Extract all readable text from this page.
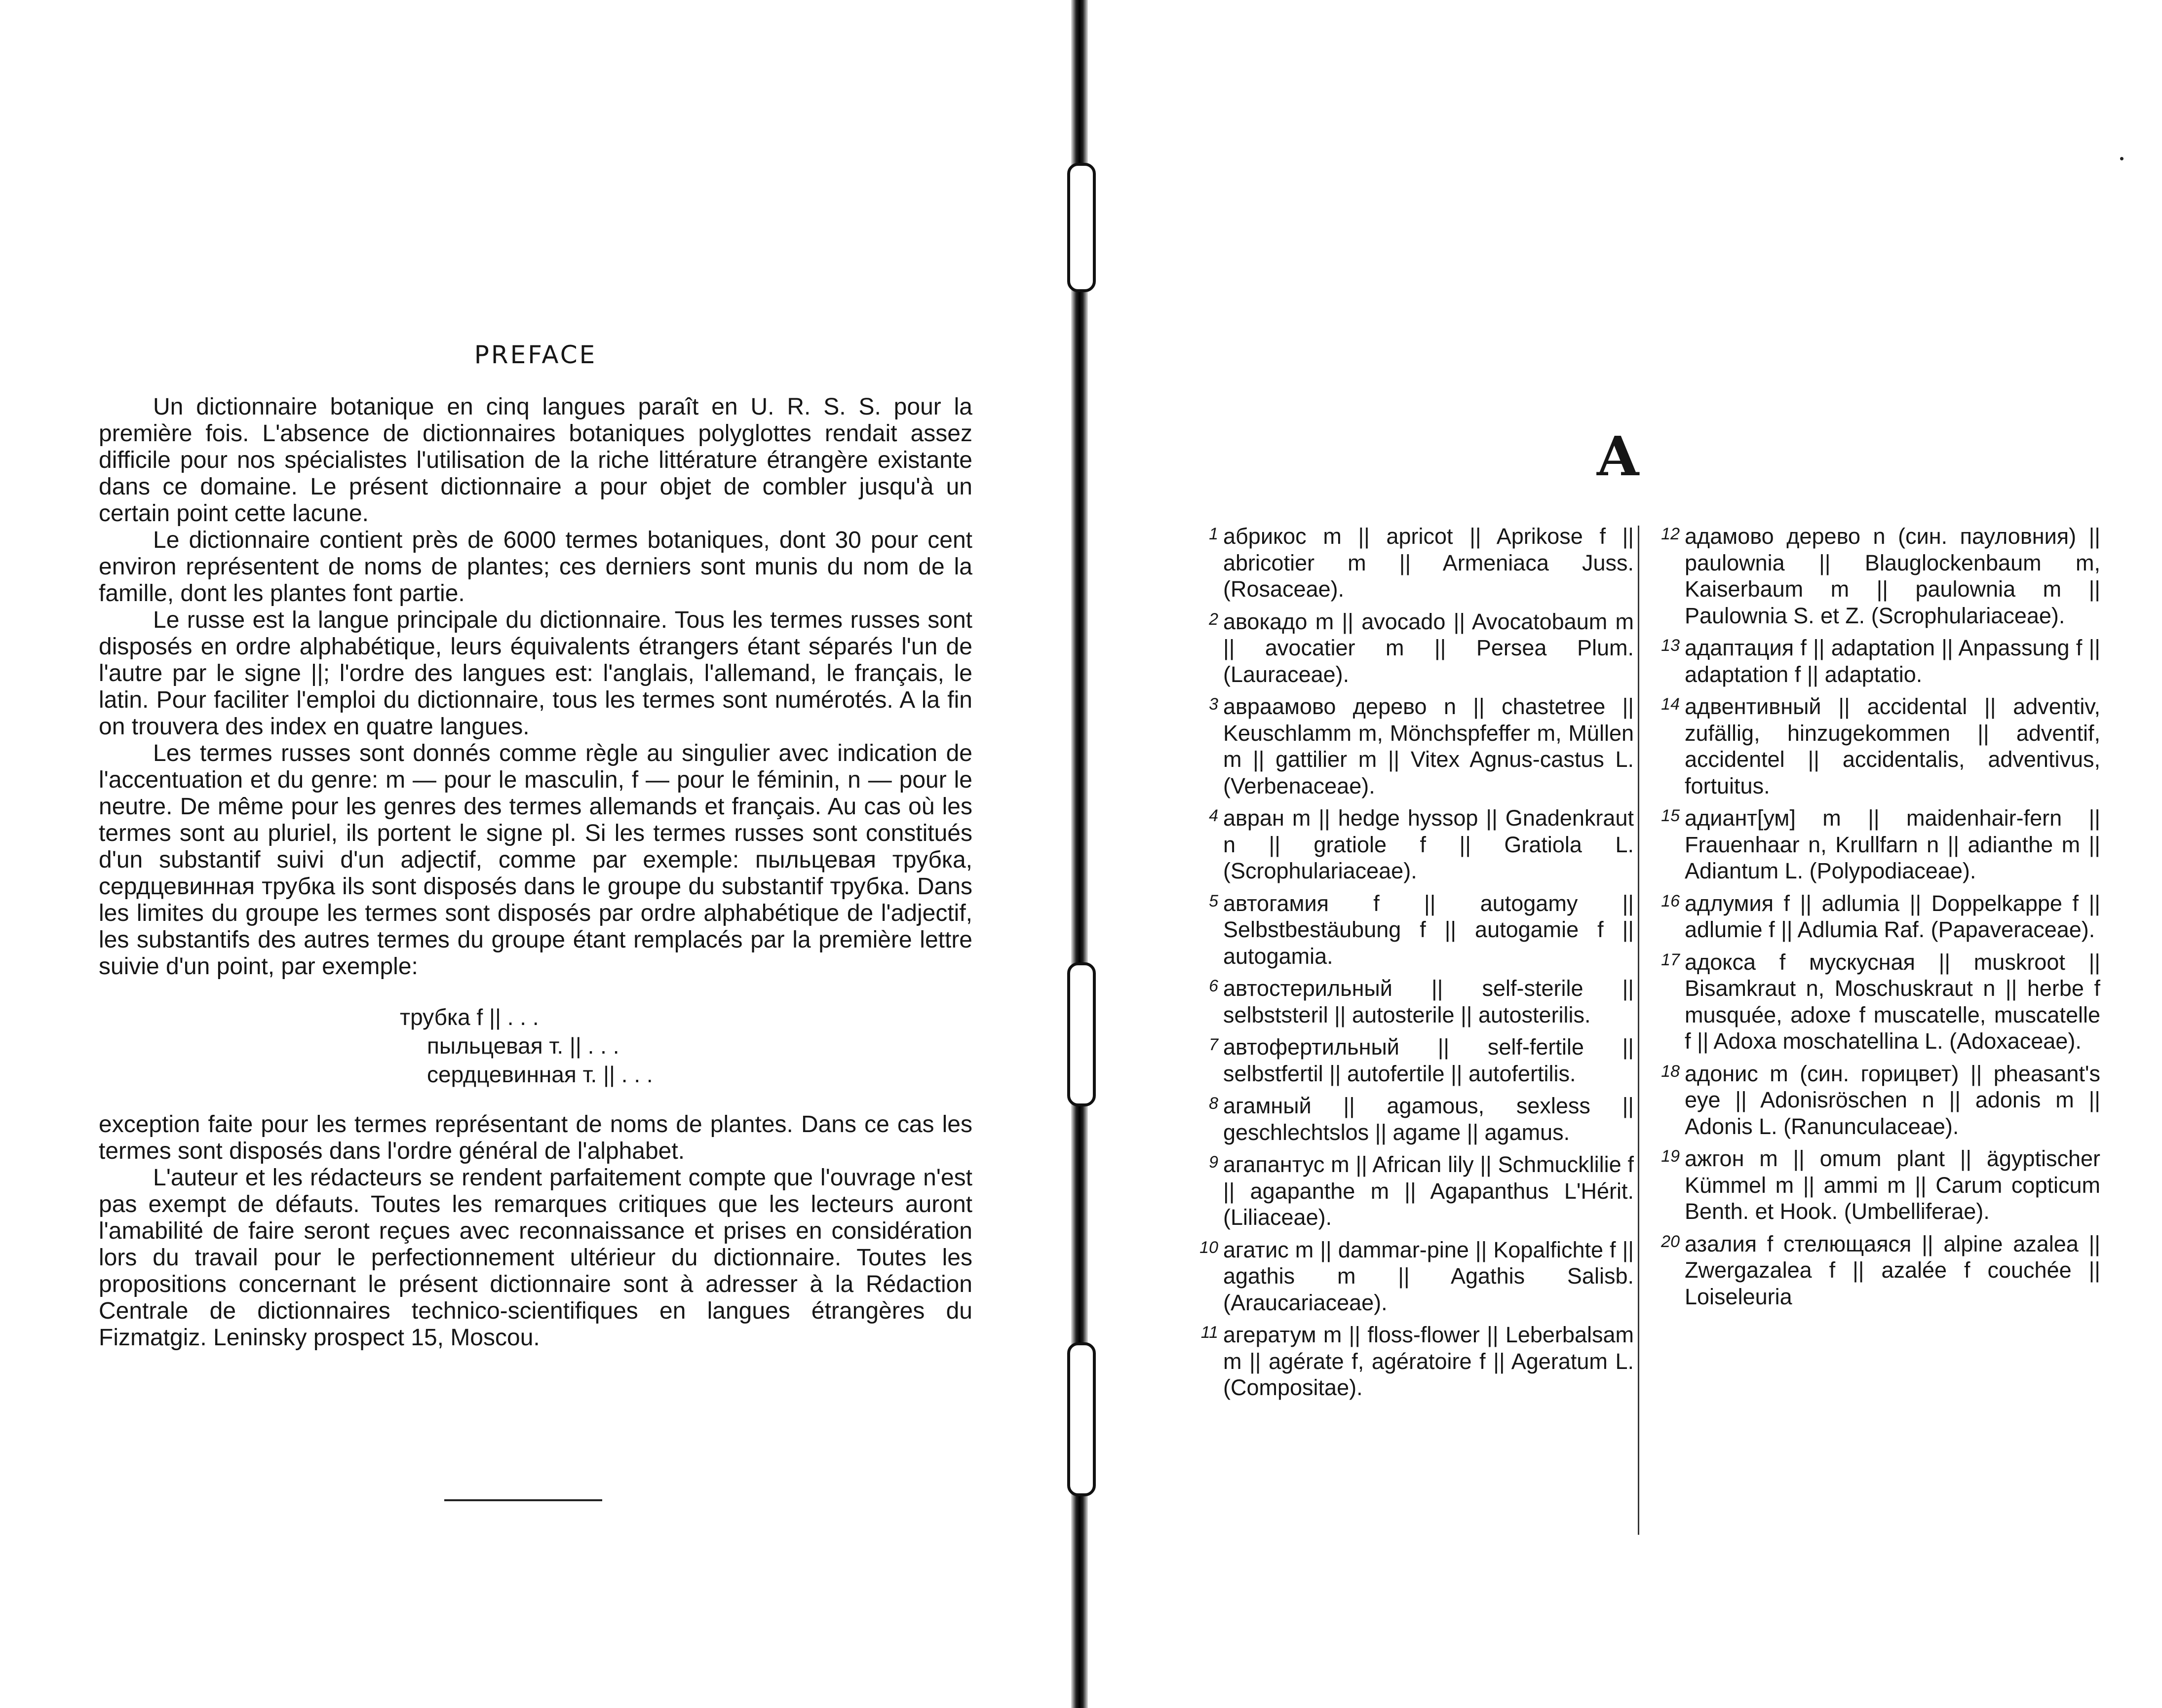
PREFACE

Un dictionnaire botanique en cinq langues paraît en U. R. S. S. pour la première fois. L'absence de dictionnaires botaniques polyglottes rendait assez difficile pour nos spécialistes l'utilisation de la riche littérature étrangère existante dans ce domaine. Le présent dictionnaire a pour objet de combler jusqu'à un certain point cette lacune.

Le dictionnaire contient près de 6000 termes botaniques, dont 30 pour cent environ représentent de noms de plantes; ces derniers sont munis du nom de la famille, dont les plantes font partie.

Le russe est la langue principale du dictionnaire. Tous les termes russes sont disposés en ordre alphabétique, leurs équivalents étrangers étant séparés l'un de l'autre par le signe ||; l'ordre des langues est: l'anglais, l'allemand, le français, le latin. Pour faciliter l'emploi du dictionnaire, tous les termes sont numérotés. A la fin on trouvera des index en quatre langues.

Les termes russes sont donnés comme règle au singulier avec indication de l'accentuation et du genre: m — pour le masculin, f — pour le féminin, n — pour le neutre. De même pour les genres des termes allemands et français. Au cas où les termes sont au pluriel, ils portent le signe pl. Si les termes russes sont constitués d'un substantif suivi d'un adjectif, comme par exemple: пыльцевая трубка, сердцевинная трубка ils sont disposés dans le groupe du substantif трубка. Dans les limites du groupe les termes sont disposés par ordre alphabétique de l'adjectif, les substantifs des autres termes du groupe étant remplacés par la première lettre suivie d'un point, par exemple:

трубка f || . . .
пыльцевая т. || . . .
сердцевинная т. || . . .

exception faite pour les termes représentant de noms de plantes. Dans ce cas les termes sont disposés dans l'ordre général de l'alphabet.

L'auteur et les rédacteurs se rendent parfaitement compte que l'ouvrage n'est pas exempt de défauts. Toutes les remarques critiques que les lecteurs auront l'amabilité de faire seront reçues avec reconnaissance et prises en considération lors du travail pour le perfectionnement ultérieur du dictionnaire. Toutes les propositions concernant le présent dictionnaire sont à adresser à la Rédaction Centrale de dictionnaires technico-scientifiques en langues étrangères du Fizmatgiz. Leninsky prospect 15, Moscou.

A
1 абрикос m || apricot || Aprikose f || abricotier m || Armeniaca Juss. (Rosaceae).
2 авокадо m || avocado || Avocatobaum m || avocatier m || Persea Plum. (Lauraceae).
3 авраамово дерево n || chastetree || Keuschlamm m, Mönchspfeffer m, Müllen m || gattilier m || Vitex Agnus-castus L. (Verbenaceae).
4 авран m || hedge hyssop || Gnadenkraut n || gratiole f || Gratiola L. (Scrophulariaceae).
5 автогамия f || autogamy || Selbstbestäubung f || autogamie f || autogamia.
6 автостерильный || self-sterile || selbststeril || autosterile || autosterilis.
7 автофертильный || self-fertile || selbstfertil || autofertile || autofertilis.
8 агамный || agamous, sexless || geschlechtslos || agame || agamus.
9 агапантус m || African lily || Schmucklilie f || agapanthe m || Agapanthus L'Hérit. (Liliaceae).
10 агатис m || dammar-pine || Kopalfichte f || agathis m || Agathis Salisb. (Araucariaceae).
11 агератум m || floss-flower || Leberbalsam m || agérate f, agératoire f || Ageratum L. (Compositae).
12 адамово дерево n (син. пауловния) || paulownia || Blauglockenbaum m, Kaiserbaum m || paulownia m || Paulownia S. et Z. (Scrophulariaceae).
13 адаптация f || adaptation || Anpassung f || adaptation f || adaptatio.
14 адвентивный || accidental || adventiv, zufällig, hinzugekommen || adventif, accidentel || accidentalis, adventivus, fortuitus.
15 адиант[ум] m || maidenhair-fern || Frauenhaar n, Krullfarn n || adianthe m || Adiantum L. (Polypodiaceae).
16 адлумия f || adlumia || Doppelkappe f || adlumie f || Adlumia Raf. (Papaveraceae).
17 адокса f мускусная || muskroot || Bisamkraut n, Moschuskraut n || herbe f musquée, adoxe f muscatelle, muscatelle f || Adoxa moschatellina L. (Adoxaceae).
18 адонис m (син. горицвет) || pheasant's eye || Adonisröschen n || adonis m || Adonis L. (Ranunculaceae).
19 ажгон m || omum plant || ägyptischer Kümmel m || ammi m || Carum copticum Benth. et Hook. (Umbelliferae).
20 азалия f стелющаяся || alpine azalea || Zwergazalea f || azalée f couchée || Loiseleuria
